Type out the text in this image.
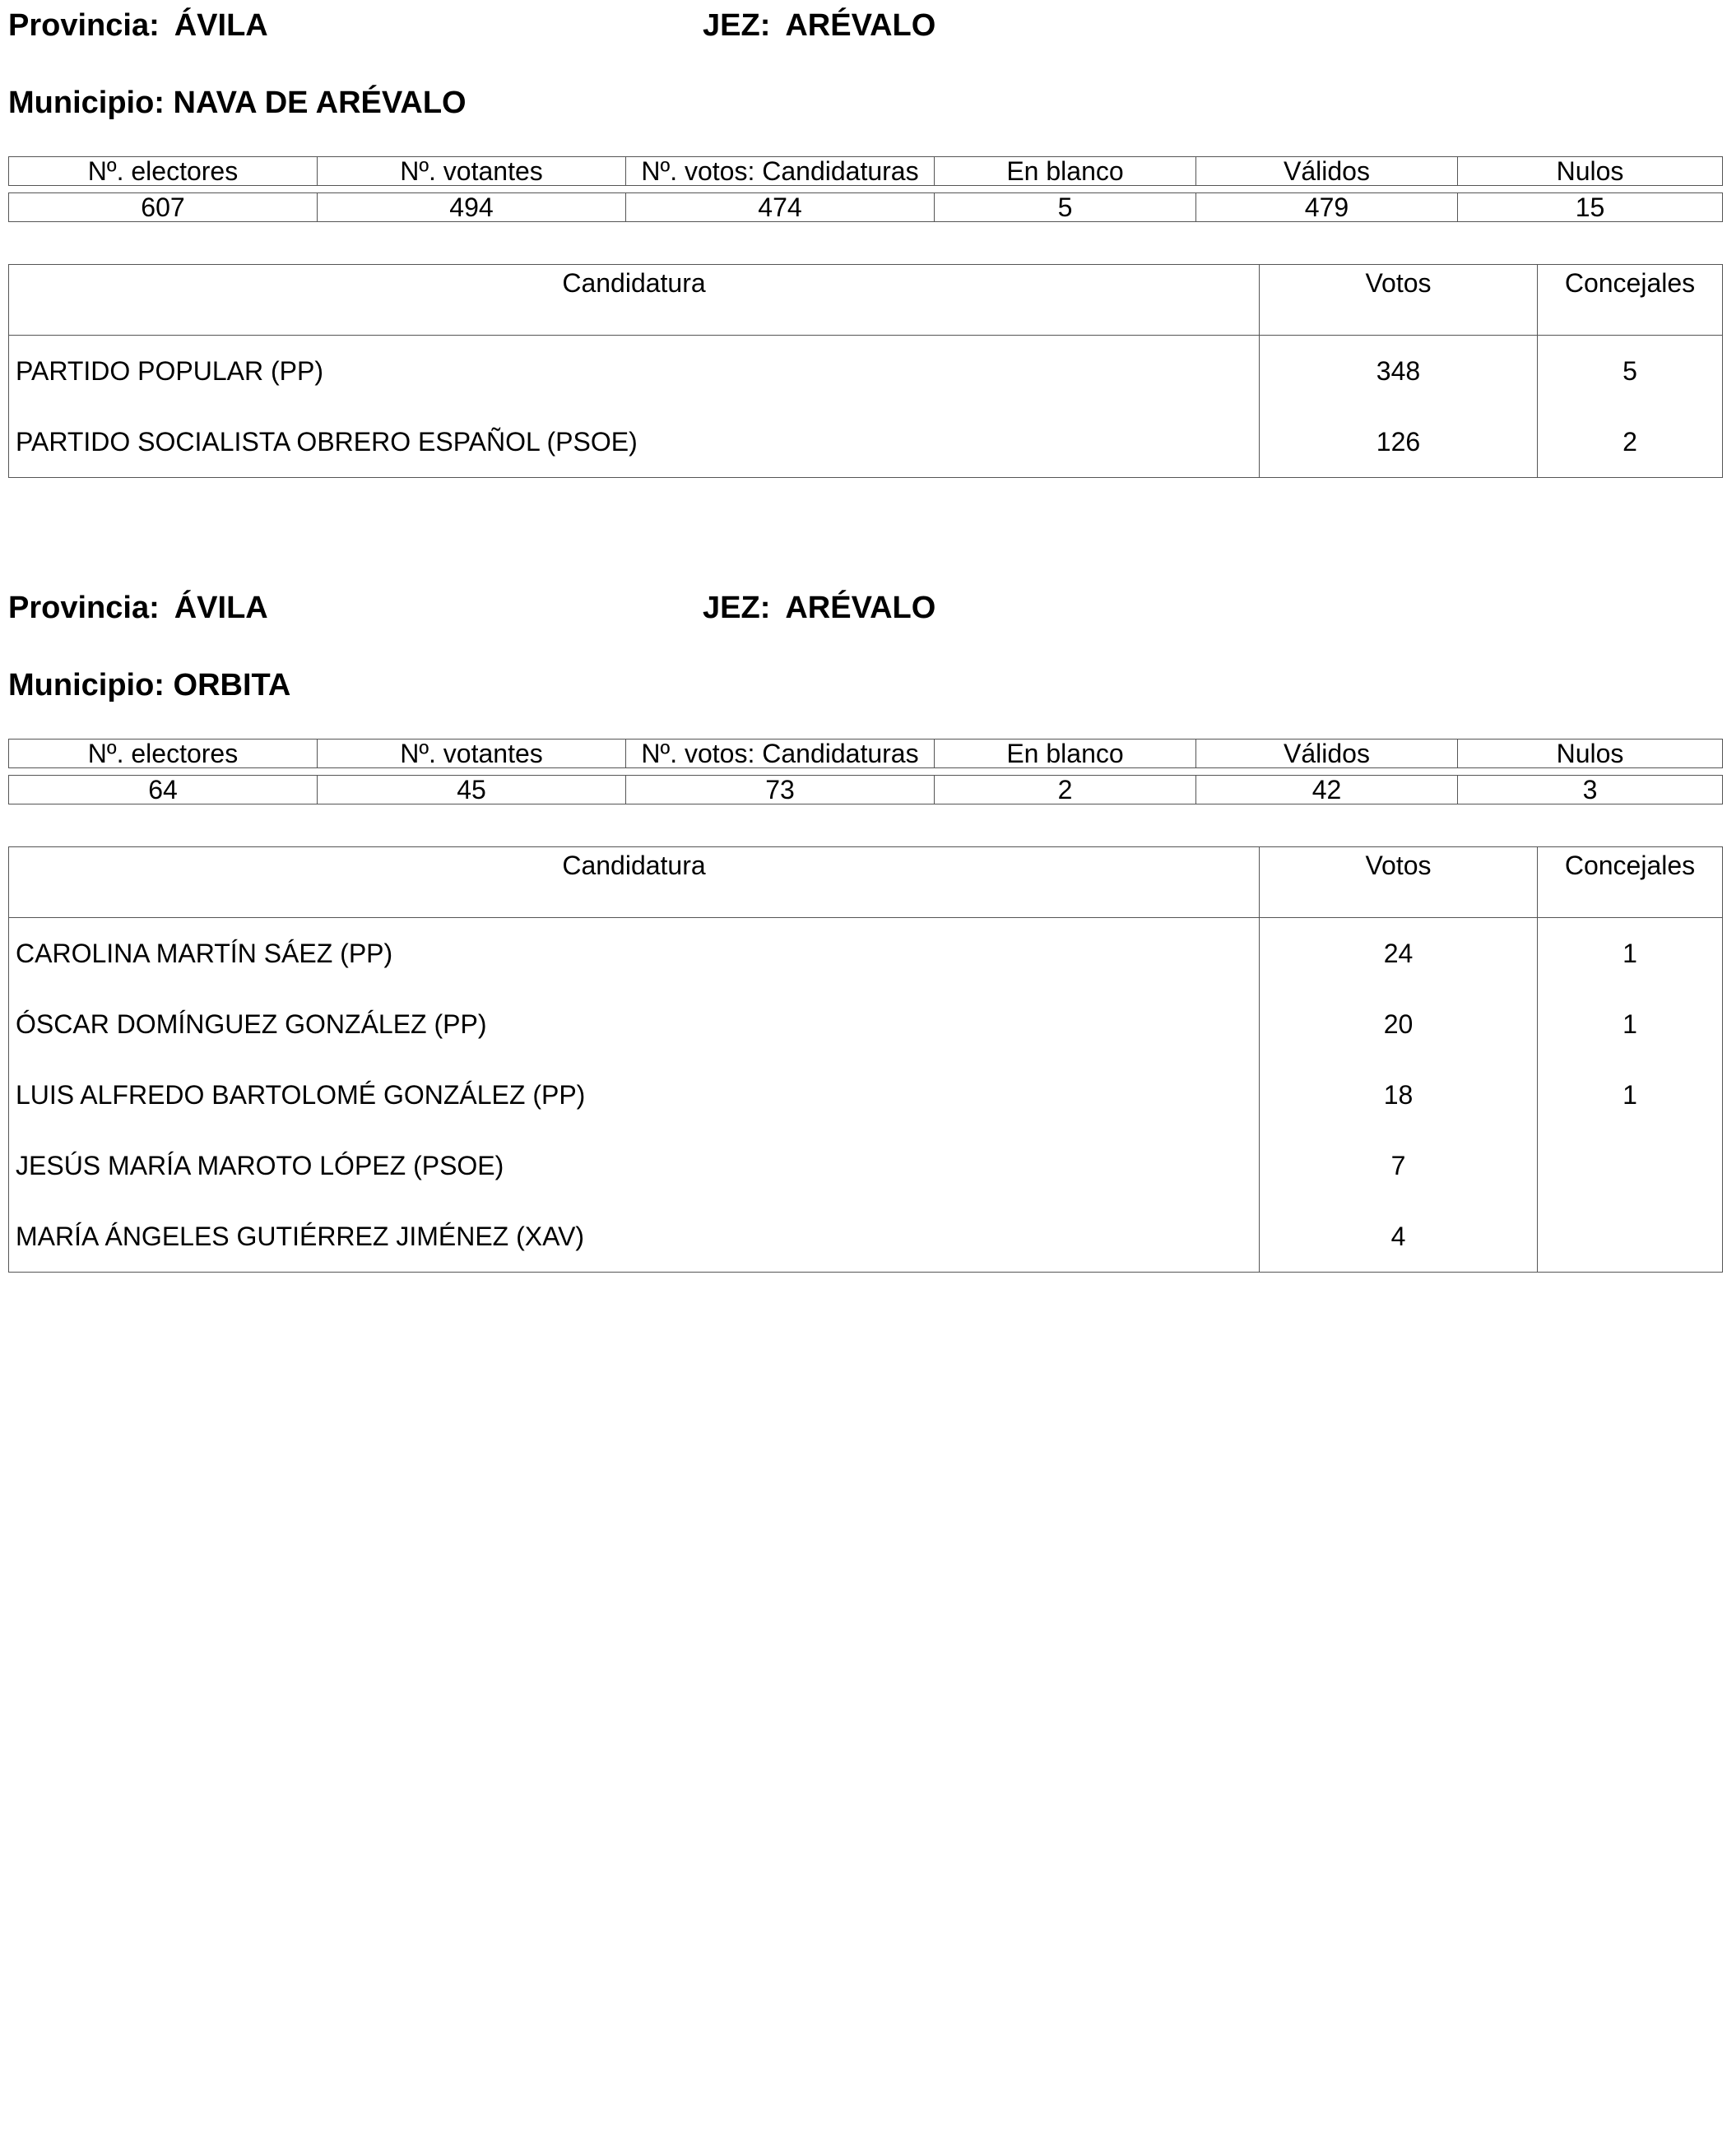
Provincia: ÁVILA	JEZ: ARÉVALO
Municipio: NAVA DE ARÉVALO
Nº. electores	Nº. votantes	Nº. votos: Candidaturas	En blanco	Válidos	Nulos
607	494	474	5	479	15
Candidatura	Votos	Concejales
PARTIDO POPULAR (PP)	348	5
PARTIDO SOCIALISTA OBRERO ESPAÑOL (PSOE)	126	2
Provincia: ÁVILA	JEZ: ARÉVALO
Municipio: ORBITA
Nº. electores	Nº. votantes	Nº. votos: Candidaturas	En blanco	Válidos	Nulos
64	45	73	2	42	3
Candidatura	Votos	Concejales
CAROLINA MARTÍN SÁEZ (PP)	24	1
ÓSCAR DOMÍNGUEZ GONZÁLEZ (PP)	20	1
LUIS ALFREDO BARTOLOMÉ GONZÁLEZ (PP)	18	1
JESÚS MARÍA MAROTO LÓPEZ (PSOE)	7	
MARÍA ÁNGELES GUTIÉRREZ JIMÉNEZ (XAV)	4	
